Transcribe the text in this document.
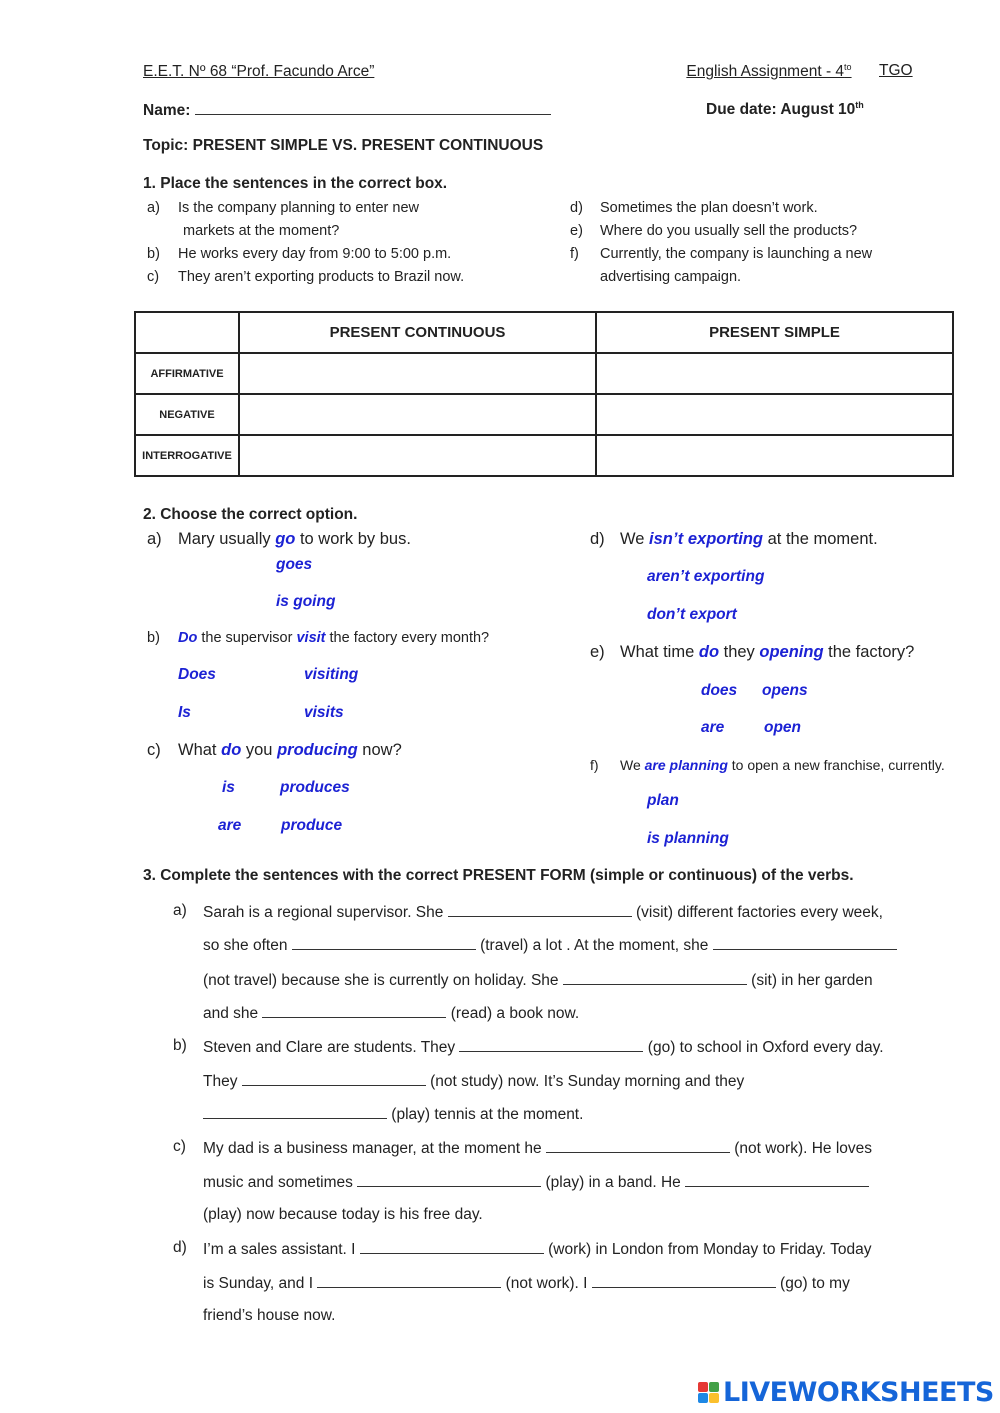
E.E.T. Nº 68 “Prof. Facundo Arce”	English Assignment - $4^{to}$ TGO
Name:	Due date: August 10th
Topic: PRESENT SIMPLE VS. PRESENT CONTINUOUS
1. Place the sentences in the correct box.
a) Is the company planning to enter new
markets at the moment?
b) He works every day from 9:00 to 5:00 p.m.
c) They aren’t exporting products to Brazil now.
d) Sometimes the plan doesn’t work.
e) Where do you usually sell the products?
f) Currently, the company is launching a new
advertising campaign.
	PRESENT CONTINUOUS	PRESENT SIMPLE
AFFIRMATIVE		
NEGATIVE		
INTERROGATIVE		
2. Choose the correct option.
a) Mary usually go to work by bus.
goes
is going
b) Do the supervisor visit the factory every month?
Does	visiting
Is	visits
c) What do you producing now?
is	produces
are	produce
d) We isn’t exporting at the moment.
aren’t exporting
don’t export
e) What time do they opening the factory?
does opens
are	open
f) We are planning to open a new franchise, currently.
plan
is planning
3. Complete the sentences with the correct PRESENT FORM (simple or continuous) of the verbs.
a) Sarah is a regional supervisor. She	(visit) different factories every week,
so she often	(travel) a lot . At the moment, she
(not travel) because she is currently on holiday. She	(sit) in her garden
and she	(read) a book now.
b) Steven and Clare are students. They	(go) to school in Oxford every day.
They	(not study) now. It’s Sunday morning and they
(play) tennis at the moment.
c) My dad is a business manager, at the moment he	(not work). He loves
music and sometimes	(play) in a band. He
(play) now because today is his free day.
d) I’m a sales assistant. I	(work) in London from Monday to Friday. Today
is Sunday, and I	(not work). I	(go) to my
friend’s house now.
LIVEWORKSHEETS
